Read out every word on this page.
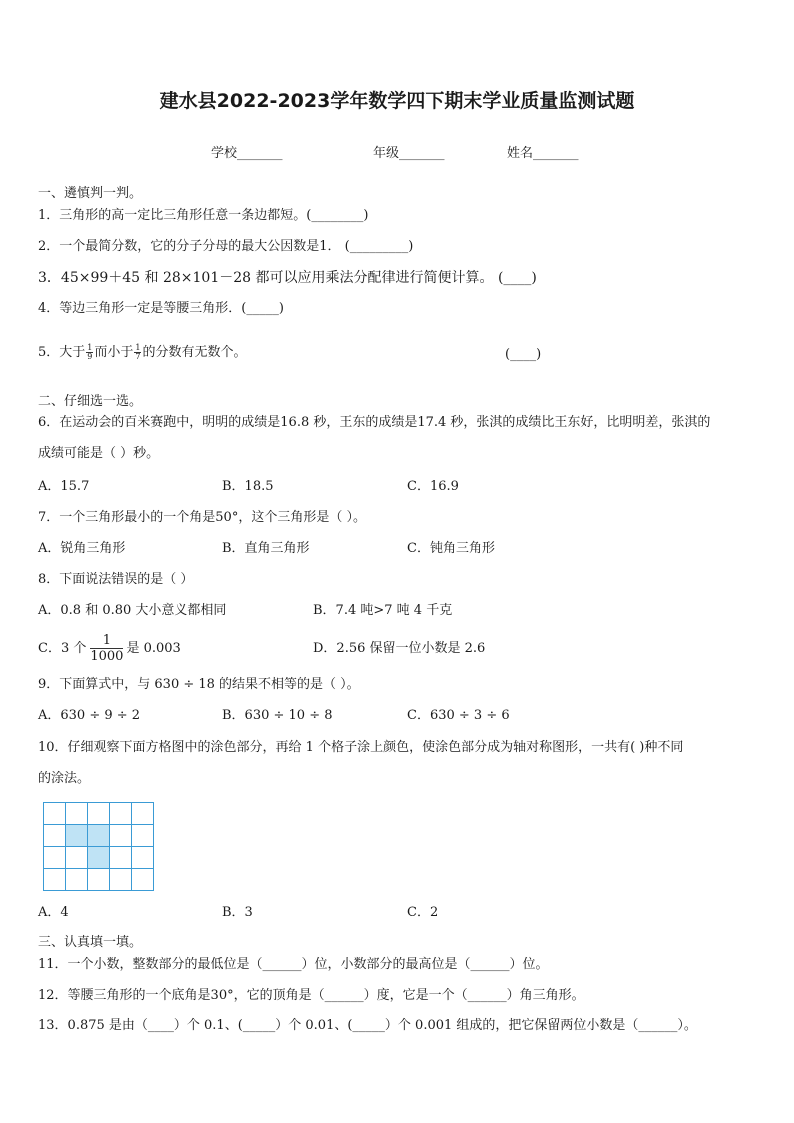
建水县2022-2023学年数学四下期末学业质量监测试题
学校_______	年级_______	姓名_______
一、遴慎判一判。
1．三角形的高一定比三角形任意一条边都短。(________)
2．一个最简分数，它的分子分母的最大公因数是1． (_________)
3．45×99＋45 和 28×101－28 都可以应用乘法分配律进行简便计算。 (____)
4．等边三角形一定是等腰三角形．(_____)
5．大于 $\frac{1}{9}$ 而小于 $\frac{1}{7}$ 的分数有无数个。	(____)
二、仔细选一选。
6．在运动会的百米赛跑中，明明的成绩是16.8 秒，王东的成绩是17.4 秒，张淇的成绩比王东好，比明明差，张淇的
成绩可能是（ ）秒。
A．15.7	B．18.5	C．16.9
7．一个三角形最小的一个角是50°，这个三角形是（ ）。
A．锐角三角形	B．直角三角形	C．钝角三角形
8．下面说法错误的是（ ）
A．0.8 和 0.80 大小意义都相同	B．7.4 吨>7 吨 4 千克
C．3 个 $\frac{1}{1000}$ 是 0.003	D．2.56 保留一位小数是 2.6
9．下面算式中，与 630 ÷ 18 的结果不相等的是（ ）。
A．630 ÷ 9 ÷ 2	B．630 ÷ 10 ÷ 8	C．630 ÷ 3 ÷ 6
10．仔细观察下面方格图中的涂色部分，再给 1 个格子涂上颜色，使涂色部分成为轴对称图形，一共有( )种不同
的涂法。
A．4	B．3	C．2
三、认真填一填。
11．一个小数，整数部分的最低位是（______）位，小数部分的最高位是（______）位。
12．等腰三角形的一个底角是30°，它的顶角是（______）度，它是一个（______）角三角形。
13．0.875 是由（____）个 0.1、(_____）个 0.01、(_____）个 0.001 组成的，把它保留两位小数是（______）。
